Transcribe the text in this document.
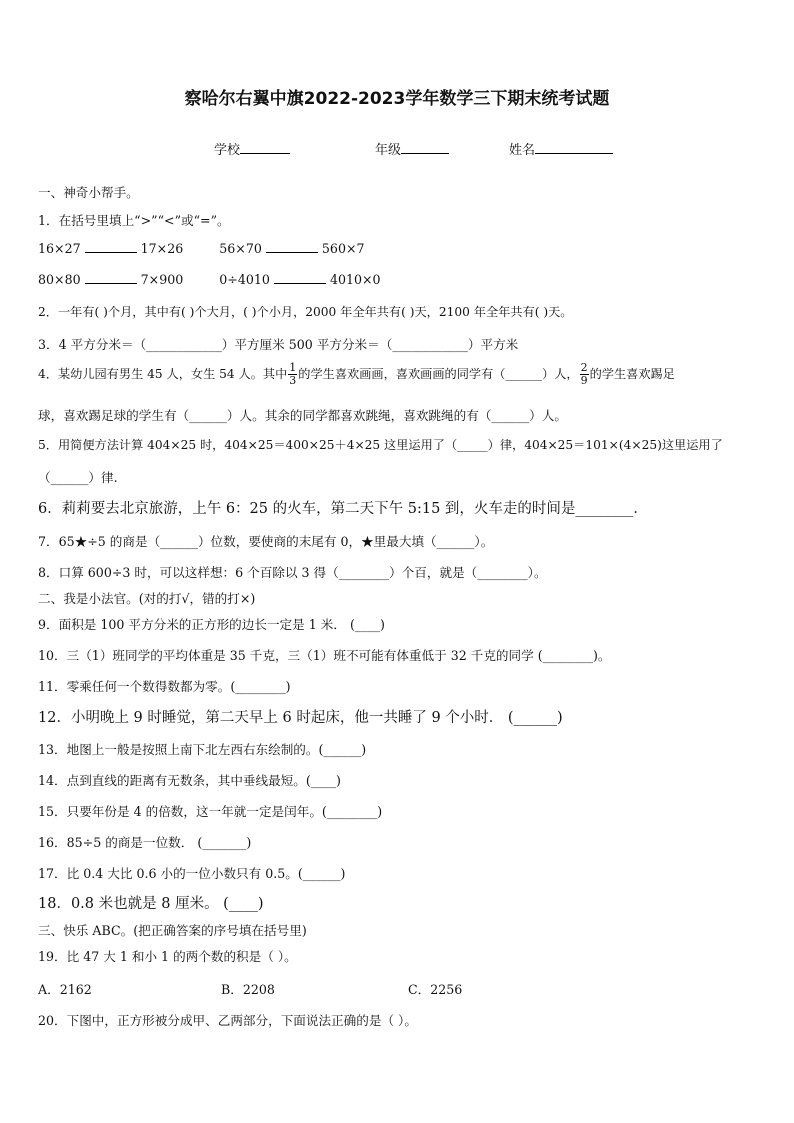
察哈尔右翼中旗2022-2023学年数学三下期末统考试题
学校	年级	姓名
一、神奇小帮手。
1．在括号里填上“>”“<”或“=”。
16×27	17×26	56×70	560×7
80×80	7×900	0÷4010	4010×0
2．一年有( )个月，其中有( )个大月，( )个小月，2000 年全年共有( )天，2100 年全年共有( )天。
3．4 平方分米＝（____________）平方厘米 500 平方分米＝（____________）平方米
4．某幼儿园有男生 45 人，女生 54 人。其中 $\frac{1}{3}$ 的学生喜欢画画，喜欢画画的同学有（______）人， $\frac{2}{9}$ 的学生喜欢踢足
球，喜欢踢足球的学生有（______）人。其余的同学都喜欢跳绳，喜欢跳绳的有（______）人。
5．用简便方法计算 404×25 时，404×25＝400×25＋4×25 这里运用了（_____）律，404×25＝101×(4×25)这里运用了
（______）律.
6．莉莉要去北京旅游，上午 6：25 的火车，第二天下午 5:15 到，火车走的时间是________．
7．65★÷5 的商是（______）位数，要使商的末尾有 0，★里最大填（______）。
8．口算 600÷3 时，可以这样想：6 个百除以 3 得（________）个百，就是（________）。
二、我是小法官。(对的打√，错的打×)
9．面积是 100 平方分米的正方形的边长一定是 1 米． (____)
10．三（1）班同学的平均体重是 35 千克，三（1）班不可能有体重低于 32 千克的同学 (________)。
11．零乘任何一个数得数都为零。(________)
12．小明晚上 9 时睡觉，第二天早上 6 时起床，他一共睡了 9 个小时． (______)
13．地图上一般是按照上南下北左西右东绘制的。(______)
14．点到直线的距离有无数条，其中垂线最短。(____)
15．只要年份是 4 的倍数，这一年就一定是闰年。(________)
16．85÷5 的商是一位数． (_______)
17．比 0.4 大比 0.6 小的一位小数只有 0.5。(______)
18．0.8 米也就是 8 厘米。 (____)
三、快乐 ABC。(把正确答案的序号填在括号里)
19．比 47 大 1 和小 1 的两个数的积是（ ）。
A．2162	B．2208	C．2256
20．下图中，正方形被分成甲、乙两部分，下面说法正确的是（ ）。
